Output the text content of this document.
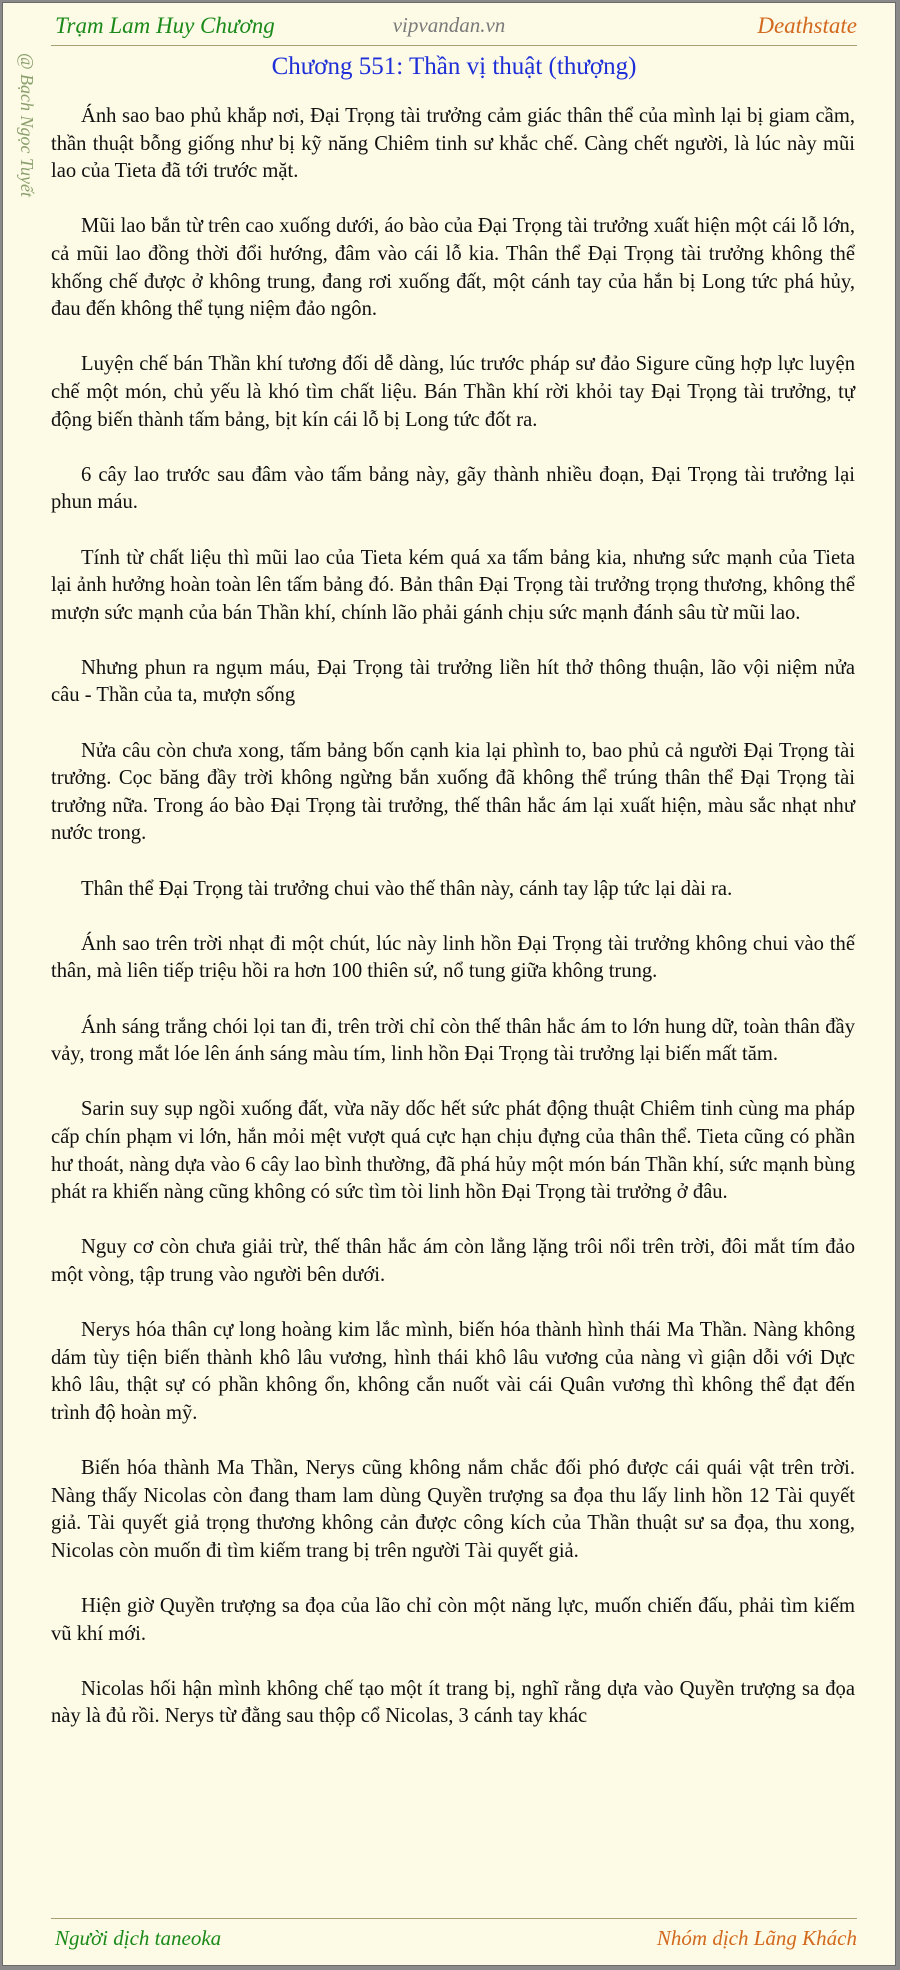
Trạm Lam Huy Chương	vipvandan.vn	Deathstate
@ Bạch Ngọc Tuyết	Chương 551: Thần vị thuật (thượng)

Ánh sao bao phủ khắp nơi, Đại Trọng tài trưởng cảm giác thân thể của mình lại bị giam cầm, thần thuật bỗng giống như bị kỹ năng Chiêm tinh sư khắc chế. Càng chết người, là lúc này mũi lao của Tieta đã tới trước mặt.

Mũi lao bắn từ trên cao xuống dưới, áo bào của Đại Trọng tài trưởng xuất hiện một cái lỗ lớn, cả mũi lao đồng thời đổi hướng, đâm vào cái lỗ kia. Thân thể Đại Trọng tài trưởng không thể khống chế được ở không trung, đang rơi xuống đất, một cánh tay của hắn bị Long tức phá hủy, đau đến không thể tụng niệm đảo ngôn.

Luyện chế bán Thần khí tương đối dễ dàng, lúc trước pháp sư đảo Sigure cũng hợp lực luyện chế một món, chủ yếu là khó tìm chất liệu. Bán Thần khí rời khỏi tay Đại Trọng tài trưởng, tự động biến thành tấm bảng, bịt kín cái lỗ bị Long tức đốt ra.

6 cây lao trước sau đâm vào tấm bảng này, gãy thành nhiều đoạn, Đại Trọng tài trưởng lại phun máu.

Tính từ chất liệu thì mũi lao của Tieta kém quá xa tấm bảng kia, nhưng sức mạnh của Tieta lại ảnh hưởng hoàn toàn lên tấm bảng đó. Bản thân Đại Trọng tài trưởng trọng thương, không thể mượn sức mạnh của bán Thần khí, chính lão phải gánh chịu sức mạnh đánh sâu từ mũi lao.

Nhưng phun ra ngụm máu, Đại Trọng tài trưởng liền hít thở thông thuận, lão vội niệm nửa câu - Thần của ta, mượn sống

Nửa câu còn chưa xong, tấm bảng bốn cạnh kia lại phình to, bao phủ cả người Đại Trọng tài trưởng. Cọc băng đầy trời không ngừng bắn xuống đã không thể trúng thân thể Đại Trọng tài trưởng nữa. Trong áo bào Đại Trọng tài trưởng, thế thân hắc ám lại xuất hiện, màu sắc nhạt như nước trong.

Thân thể Đại Trọng tài trưởng chui vào thế thân này, cánh tay lập tức lại dài ra.

Ánh sao trên trời nhạt đi một chút, lúc này linh hồn Đại Trọng tài trưởng không chui vào thế thân, mà liên tiếp triệu hồi ra hơn 100 thiên sứ, nổ tung giữa không trung.

Ánh sáng trắng chói lọi tan đi, trên trời chỉ còn thế thân hắc ám to lớn hung dữ, toàn thân đầy vảy, trong mắt lóe lên ánh sáng màu tím, linh hồn Đại Trọng tài trưởng lại biến mất tăm.

Sarin suy sụp ngồi xuống đất, vừa nãy dốc hết sức phát động thuật Chiêm tinh cùng ma pháp cấp chín phạm vi lớn, hắn mỏi mệt vượt quá cực hạn chịu đựng của thân thể. Tieta cũng có phần hư thoát, nàng dựa vào 6 cây lao bình thường, đã phá hủy một món bán Thần khí, sức mạnh bùng phát ra khiến nàng cũng không có sức tìm tòi linh hồn Đại Trọng tài trưởng ở đâu.

Nguy cơ còn chưa giải trừ, thế thân hắc ám còn lẳng lặng trôi nổi trên trời, đôi mắt tím đảo một vòng, tập trung vào người bên dưới.

Nerys hóa thân cự long hoàng kim lắc mình, biến hóa thành hình thái Ma Thần. Nàng không dám tùy tiện biến thành khô lâu vương, hình thái khô lâu vương của nàng vì giận dỗi với Dực khô lâu, thật sự có phần không ổn, không cắn nuốt vài cái Quân vương thì không thể đạt đến trình độ hoàn mỹ.

Biến hóa thành Ma Thần, Nerys cũng không nắm chắc đối phó được cái quái vật trên trời. Nàng thấy Nicolas còn đang tham lam dùng Quyền trượng sa đọa thu lấy linh hồn 12 Tài quyết giả. Tài quyết giả trọng thương không cản được công kích của Thần thuật sư sa đọa, thu xong, Nicolas còn muốn đi tìm kiếm trang bị trên người Tài quyết giả.

Hiện giờ Quyền trượng sa đọa của lão chỉ còn một năng lực, muốn chiến đấu, phải tìm kiếm vũ khí mới.

Nicolas hối hận mình không chế tạo một ít trang bị, nghĩ rằng dựa vào Quyền trượng sa đọa này là đủ rồi. Nerys từ đằng sau thộp cổ Nicolas, 3 cánh tay khác

Người dịch taneoka	Nhóm dịch Lãng Khách
